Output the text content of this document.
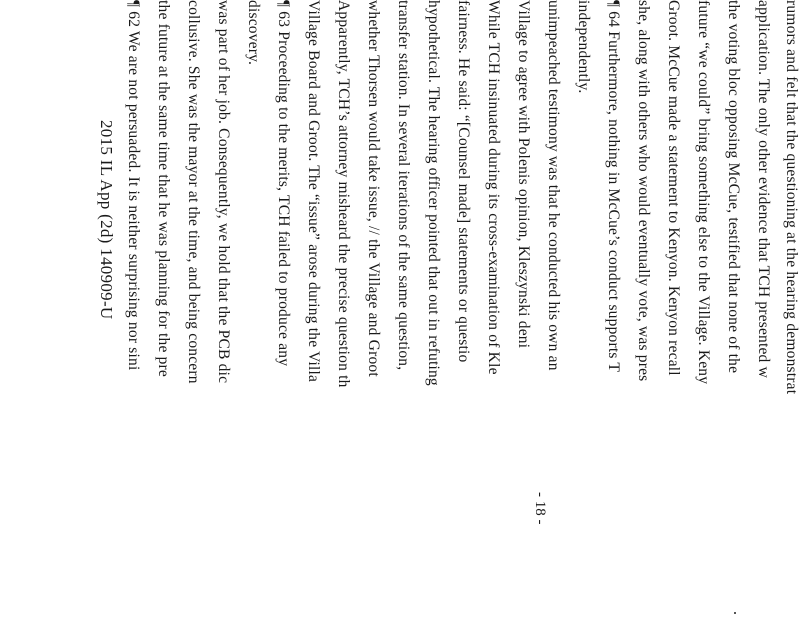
2015 IL App (2d) 140909-U ¶ 62 We are not persuaded. It is neither surprising nor sini the future at the same time that he was planning for the pre collusive. She was the mayor at the time, and being concern was part of her job. Consequently, we hold that the PCB dic discovery. ¶ 63 Proceeding to the merits, TCH failed to produce any Village Board and Groot. The “issue” arose during the Villa Apparently, TCH’s attorney misheard the precise question th whether Thorsen would take issue, // the Village and Groot transfer station. In several iterations of the same question, hypothetical. The hearing officer pointed that out in refuting fairness. He said: “[Counsel made] statements or questio While TCH insinuated during its cross-examination of Kle Village to agree with Polenis opinion, Kleszynski deni unimpeached testimony was that he conducted his own an independently. ¶ 64 Furthermore, nothing in McCue’s conduct supports T she, along with others who would eventually vote, was pres Groot. McCue made a statement to Kenyon. Kenyon recall future “we could” bring something else to the Village. Keny the voting bloc opposing McCue, testified that none of the application. The only other evidence that TCH presented w rumors and felt that the questioning at the hearing demonstrat
- 18 -
